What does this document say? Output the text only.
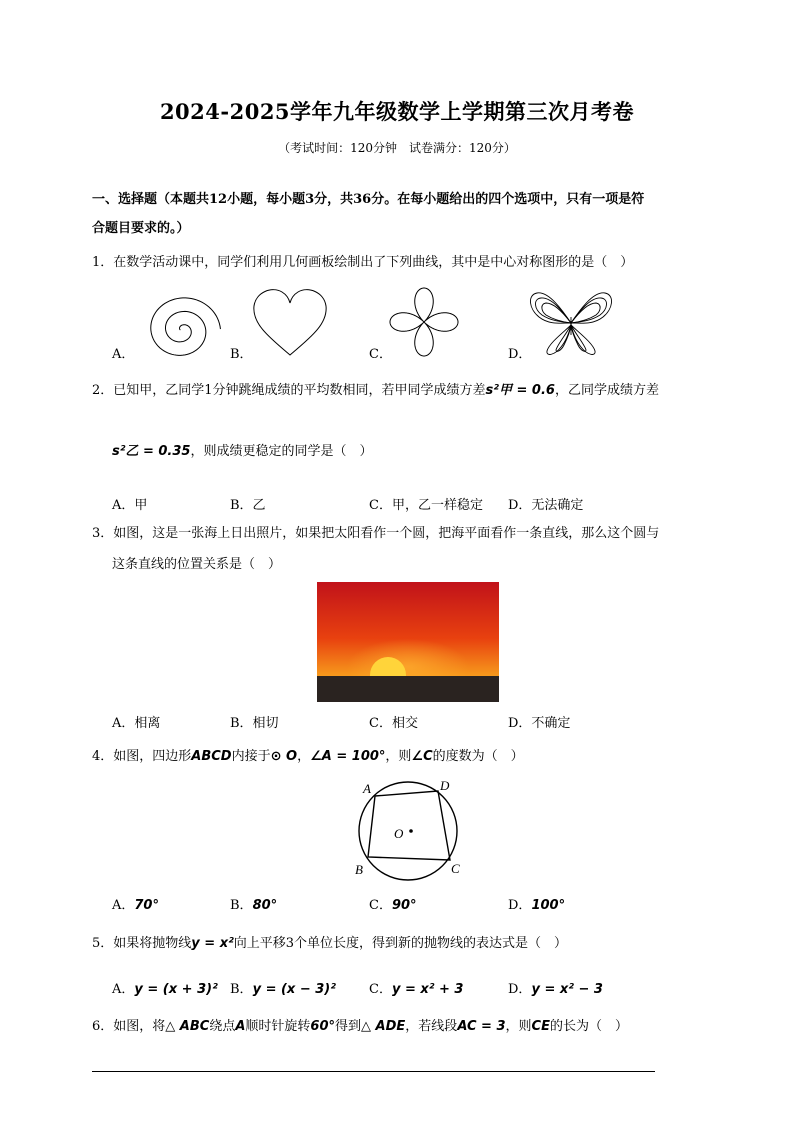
2024-2025学年九年级数学上学期第三次月考卷
（考试时间：120分钟　试卷满分：120分）
一、选择题（本题共12小题，每小题3分，共36分。在每小题给出的四个选项中，只有一项是符
合题目要求的。）
1．在数学活动课中，同学们利用几何画板绘制出了下列曲线，其中是中心对称图形的是（　）
A．	B．	C．	D．
2．已知甲，乙同学1分钟跳绳成绩的平均数相同，若甲同学成绩方差s²甲 = 0.6，乙同学成绩方差
s²乙 = 0.35，则成绩更稳定的同学是（　）
A．甲	B．乙	C．甲，乙一样稳定 D．无法确定
3．如图，这是一张海上日出照片，如果把太阳看作一个圆，把海平面看作一条直线，那么这个圆与
这条直线的位置关系是（　）
A．相离	B．相切	C．相交	D．不确定
4．如图，四边形ABCD内接于⊙ O，∠A = 100°，则∠C的度数为（　）
A	D
B	C
O
A．70°	B．80°	C．90°	D．100°
5．如果将抛物线y = x²向上平移3个单位长度，得到新的抛物线的表达式是（　）
A．y = (x + 3)² B．y = (x − 3)²	C．y = x² + 3	D．y = x² − 3
6．如图，将△ ABC绕点A顺时针旋转60°得到△ ADE，若线段AC = 3，则CE的长为（　）
